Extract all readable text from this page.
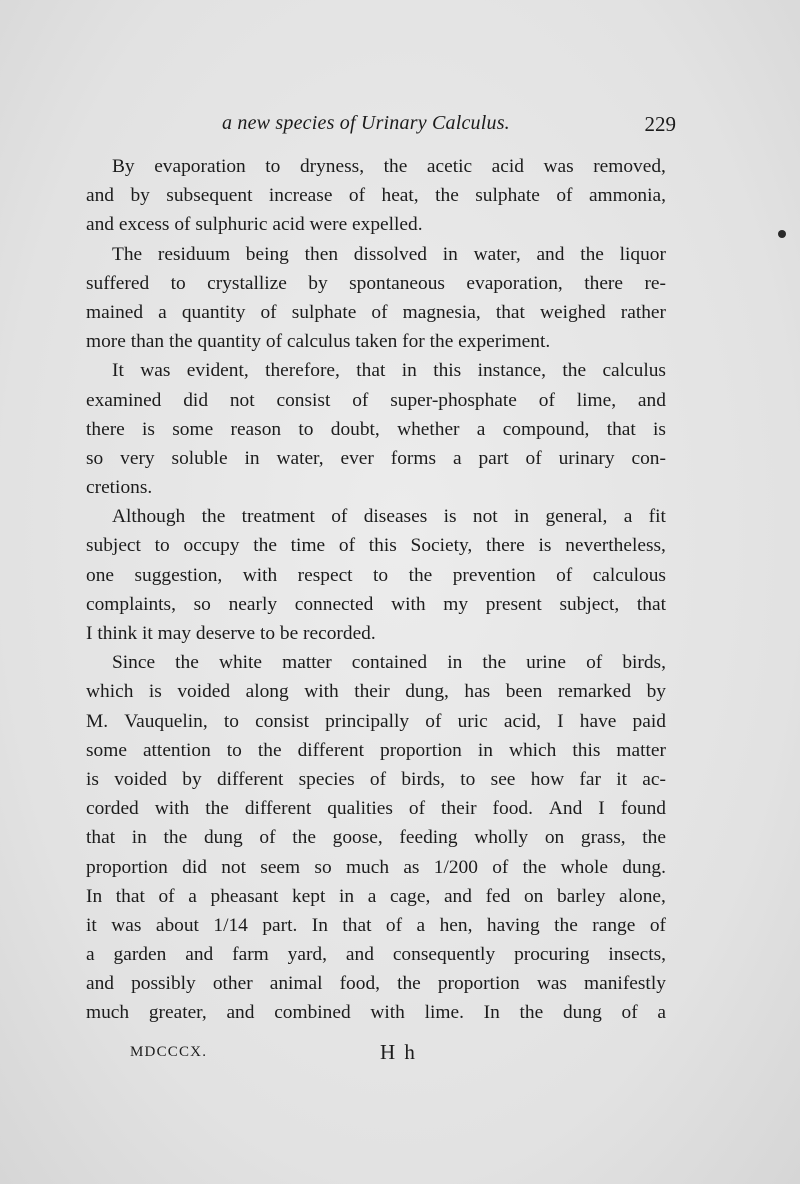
a new species of Urinary Calculus.	229
By evaporation to dryness, the acetic acid was removed,
and by subsequent increase of heat, the sulphate of ammonia,
and excess of sulphuric acid were expelled.
The residuum being then dissolved in water, and the liquor
suffered to crystallize by spontaneous evaporation, there re-
mained a quantity of sulphate of magnesia, that weighed rather
more than the quantity of calculus taken for the experiment.
It was evident, therefore, that in this instance, the calculus
examined did not consist of super-phosphate of lime, and
there is some reason to doubt, whether a compound, that is
so very soluble in water, ever forms a part of urinary con-
cretions.
Although the treatment of diseases is not in general, a fit
subject to occupy the time of this Society, there is nevertheless,
one suggestion, with respect to the prevention of calculous
complaints, so nearly connected with my present subject, that
I think it may deserve to be recorded.
Since the white matter contained in the urine of birds,
which is voided along with their dung, has been remarked by
M. Vauquelin, to consist principally of uric acid, I have paid
some attention to the different proportion in which this matter
is voided by different species of birds, to see how far it ac-
corded with the different qualities of their food. And I found
that in the dung of the goose, feeding wholly on grass, the
proportion did not seem so much as 1/200 of the whole dung.
In that of a pheasant kept in a cage, and fed on barley alone,
it was about 1/14 part. In that of a hen, having the range of
a garden and farm yard, and consequently procuring insects,
and possibly other animal food, the proportion was manifestly
much greater, and combined with lime. In the dung of a
MDCCCX.	H h
